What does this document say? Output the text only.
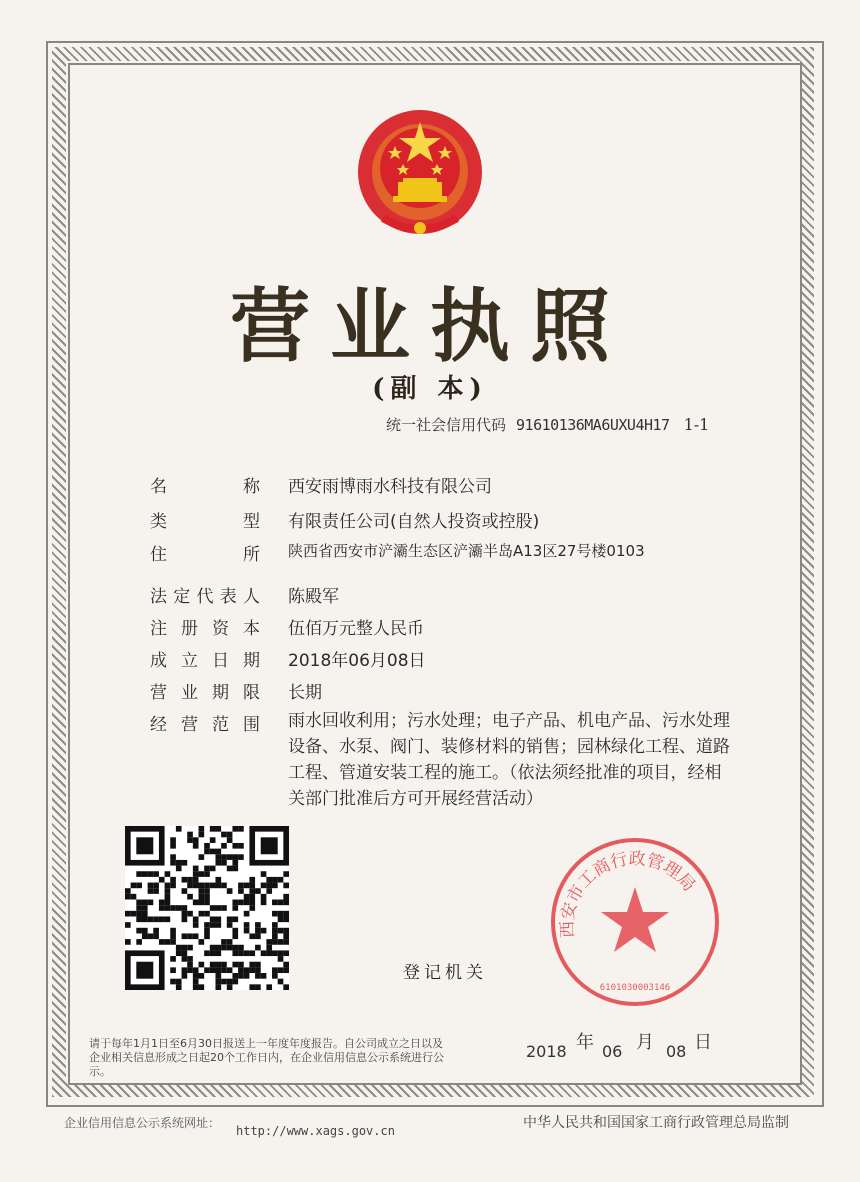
营业执照
(副 本)
统一社会信用代码 91610136MA6UXU4H17 1-1
名	称 西安雨博雨水科技有限公司
类	型 有限责任公司(自然人投资或控股)
住	所 陕西省西安市浐灞生态区浐灞半岛A13区27号楼0103
法 定 代 表 人 陈殿军
注 册 资 本 伍佰万元整人民币
成 立 日 期 2018年06月08日
营 业 期 限 长期
经 营 范 围 雨水回收利用；污水处理；电子产品、机电产品、污水处理设备、水泵、阀门、装修材料的销售；园林绿化工程、道路工程、管道安装工程的施工。（依法须经批准的项目，经相关部门批准后方可开展经营活动）
西安市工商行政管理局
6101030003146
登记机关
请于每年1月1日至6月30日报送上一年度年度报告。自公司成立之日以及企业相关信息形成之日起20个工作日内，在企业信用信息公示系统进行公示。
2018 年 06 月 08 日
企业信用信息公示系统网址：
http://www.xags.gov.cn	中华人民共和国国家工商行政管理总局监制
